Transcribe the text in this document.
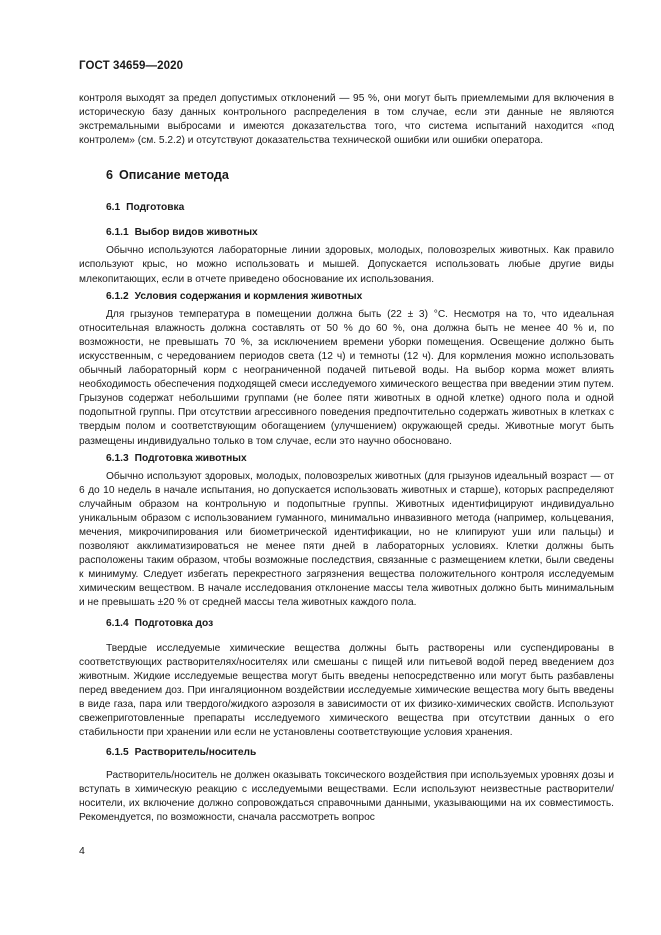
ГОСТ 34659—2020

контроля выходят за предел допустимых отклонений — 95 %, они могут быть приемлемыми для включения в историческую базу данных контрольного распределения в том случае, если эти данные не являются экстремальными выбросами и имеются доказательства того, что система испытаний находится «под контролем» (см. 5.2.2) и отсутствуют доказательства технической ошибки или ошибки оператора.

6 Описание метода
6.1 Подготовка
6.1.1 Выбор видов животных

Обычно используются лабораторные линии здоровых, молодых, половозрелых животных. Как правило используют крыс, но можно использовать и мышей. Допускается использовать любые другие виды млекопитающих, если в отчете приведено обоснование их использования.

6.1.2 Условия содержания и кормления животных

Для грызунов температура в помещении должна быть (22 ± 3) °С. Несмотря на то, что идеальная относительная влажность должна составлять от 50 % до 60 %, она должна быть не менее 40 % и, по возможности, не превышать 70 %, за исключением времени уборки помещения. Освещение должно быть искусственным, с чередованием периодов света (12 ч) и темноты (12 ч). Для кормления можно использовать обычный лабораторный корм с неограниченной подачей питьевой воды. На выбор корма может влиять необходимость обеспечения подходящей смеси исследуемого химического вещества при введении этим путем. Грызунов содержат небольшими группами (не более пяти животных в одной клетке) одного пола и одной подопытной группы. При отсутствии агрессивного поведения предпочтительно содержать животных в клетках с твердым полом и соответствующим обогащением (улучшением) окружающей среды. Животные могут быть размещены индивидуально только в том случае, если это научно обосновано.

6.1.3 Подготовка животных

Обычно используют здоровых, молодых, половозрелых животных (для грызунов идеальный возраст — от 6 до 10 недель в начале испытания, но допускается использовать животных и старше), которых распределяют случайным образом на контрольную и подопытные группы. Животных идентифицируют индивидуально уникальным образом с использованием гуманного, минимально инвазивного метода (например, кольцевания, мечения, микрочипирования или биометрической идентификации, но не клипируют уши или пальцы) и позволяют акклиматизироваться не менее пяти дней в лабораторных условиях. Клетки должны быть расположены таким образом, чтобы возможные последствия, связанные с размещением клетки, были сведены к минимуму. Следует избегать перекрестного загрязнения вещества положительного контроля исследуемым химическим веществом. В начале исследования отклонение массы тела животных должно быть минимальным и не превышать ±20 % от средней массы тела животных каждого пола.

6.1.4 Подготовка доз

Твердые исследуемые химические вещества должны быть растворены или суспендированы в соответствующих растворителях/носителях или смешаны с пищей или питьевой водой перед введением доз животным. Жидкие исследуемые вещества могут быть введены непосредственно или могут быть разбавлены перед введением доз. При ингаляционном воздействии исследуемые химические вещества могу быть введены в виде газа, пара или твердого/жидкого аэрозоля в зависимости от их физико-химических свойств. Используют свежеприготовленные препараты исследуемого химического вещества при отсутствии данных о его стабильности при хранении или если не установлены соответствующие условия хранения.

6.1.5 Растворитель/носитель

Растворитель/носитель не должен оказывать токсического воздействия при используемых уровнях дозы и вступать в химическую реакцию с исследуемыми веществами. Если используют неизвестные растворители/носители, их включение должно сопровождаться справочными данными, указывающими на их совместимость. Рекомендуется, по возможности, сначала рассмотреть вопрос

4
